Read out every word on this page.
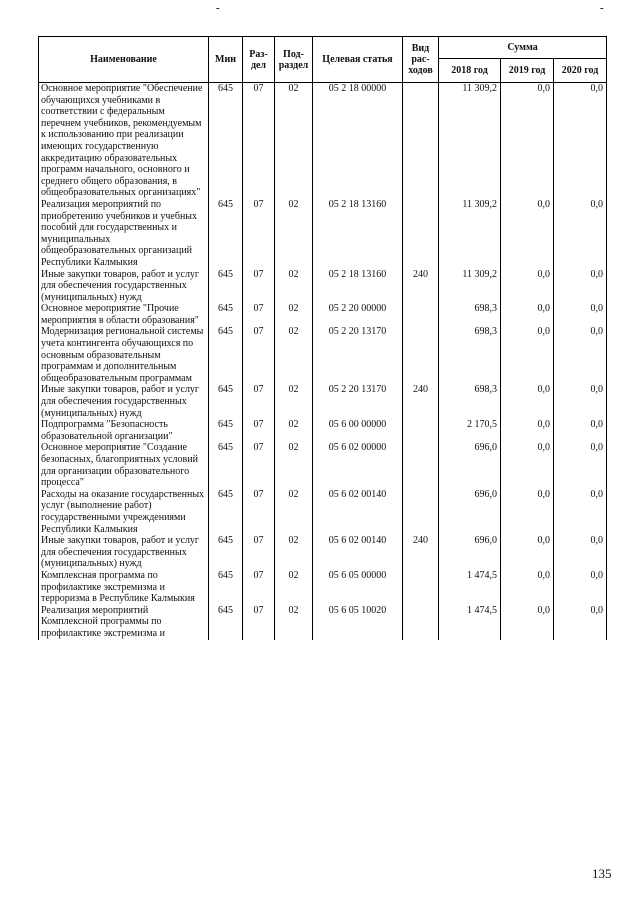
-	-
Наименование	Мин	Раз-дел	Под-раздел	Целевая статья	Вид рас-ходов	Сумма		
						2018 год	2019 год	2020 год
Основное мероприятие "Обеспечение обучающихся учебниками в соответствии с федеральным перечнем учебников, рекомендуемым к использованию при реализации имеющих государственную аккредитацию образовательных программ начального, основного и среднего общего образования, в общеобразовательных организациях"	645	07	02	05 2 18 00000		11 309,2	0,0	0,0
Реализация мероприятий по приобретению учебников и учебных пособий для государственных и муниципальных общеобразовательных организаций Республики Калмыкия	645	07	02	05 2 18 13160		11 309,2	0,0	0,0
Иные закупки товаров, работ и услуг для обеспечения государственных (муниципальных) нужд	645	07	02	05 2 18 13160	240	11 309,2	0,0	0,0
Основное мероприятие "Прочие мероприятия в области образования"	645	07	02	05 2 20 00000		698,3	0,0	0,0
Модернизация региональной системы учета контингента обучающихся по основным образовательным программам и дополнительным общеобразовательным программам	645	07	02	05 2 20 13170		698,3	0,0	0,0
Иные закупки товаров, работ и услуг для обеспечения государственных (муниципальных) нужд	645	07	02	05 2 20 13170	240	698,3	0,0	0,0
Подпрограмма "Безопасность образовательной организации"	645	07	02	05 6 00 00000		2 170,5	0,0	0,0
Основное мероприятие "Создание безопасных, благоприятных условий для организации образовательного процесса"	645	07	02	05 6 02 00000		696,0	0,0	0,0
Расходы на оказание государственных услуг (выполнение работ) государственными учреждениями Республики Калмыкия	645	07	02	05 6 02 00140		696,0	0,0	0,0
Иные закупки товаров, работ и услуг для обеспечения государственных (муниципальных) нужд	645	07	02	05 6 02 00140	240	696,0	0,0	0,0
Комплексная программа по профилактике экстремизма и терроризма в Республике Калмыкия	645	07	02	05 6 05 00000		1 474,5	0,0	0,0
Реализация мероприятий Комплексной программы по профилактике экстремизма и	645	07	02	05 6 05 10020		1 474,5	0,0	0,0
135
